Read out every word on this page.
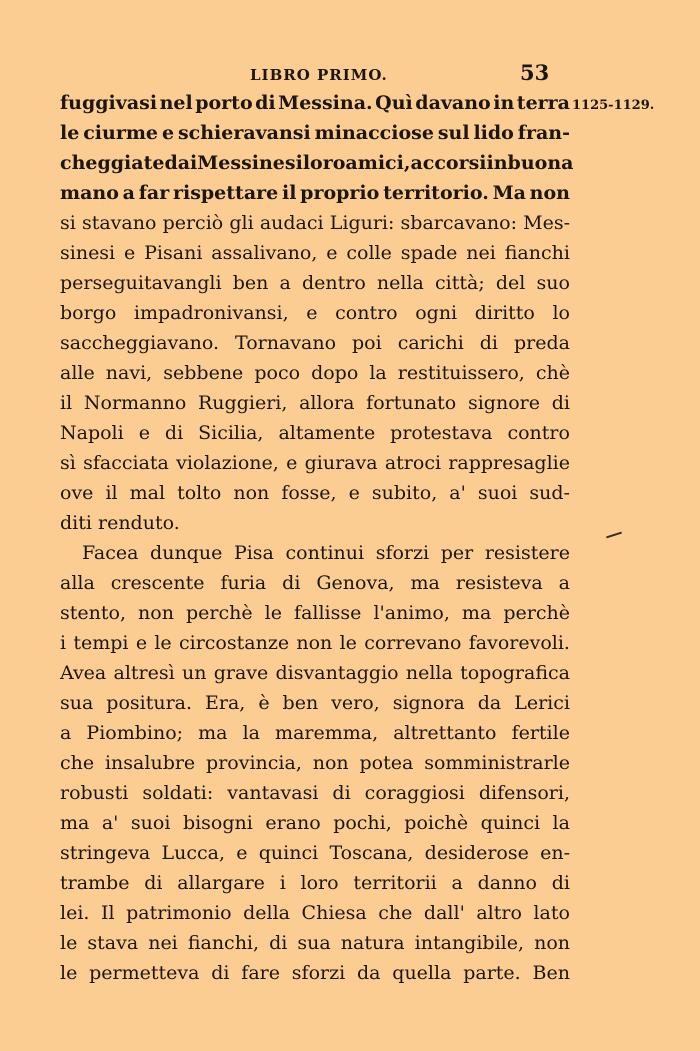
LIBRO PRIMO.	53
1125-1129.
fuggivasi nel porto di Messina. Quì davano in terra
le ciurme e schieravansi minacciose sul lido fran-
cheggiate dai Messinesi loro amici, accorsi in buona
mano a far rispettare il proprio territorio. Ma non
si stavano perciò gli audaci Liguri: sbarcavano: Mes-
sinesi e Pisani assalivano, e colle spade nei fianchi
perseguitavangli ben a dentro nella città; del suo
borgo impadronivansi, e contro ogni diritto lo
saccheggiavano. Tornavano poi carichi di preda
alle navi, sebbene poco dopo la restituissero, chè
il Normanno Ruggieri, allora fortunato signore di
Napoli e di Sicilia, altamente protestava contro
sì sfacciata violazione, e giurava atroci rappresaglie
ove il mal tolto non fosse, e subito, a' suoi sud-
diti renduto.
Facea dunque Pisa continui sforzi per resistere
alla crescente furia di Genova, ma resisteva a
stento, non perchè le fallisse l'animo, ma perchè
i tempi e le circostanze non le correvano favorevoli.
Avea altresì un grave disvantaggio nella topografica
sua positura. Era, è ben vero, signora da Lerici
a Piombino; ma la maremma, altrettanto fertile
che insalubre provincia, non potea somministrarle
robusti soldati: vantavasi di coraggiosi difensori,
ma a' suoi bisogni erano pochi, poichè quinci la
stringeva Lucca, e quinci Toscana, desiderose en-
trambe di allargare i loro territorii a danno di
lei. Il patrimonio della Chiesa che dall' altro lato
le stava nei fianchi, di sua natura intangibile, non
le permetteva di fare sforzi da quella parte. Ben
